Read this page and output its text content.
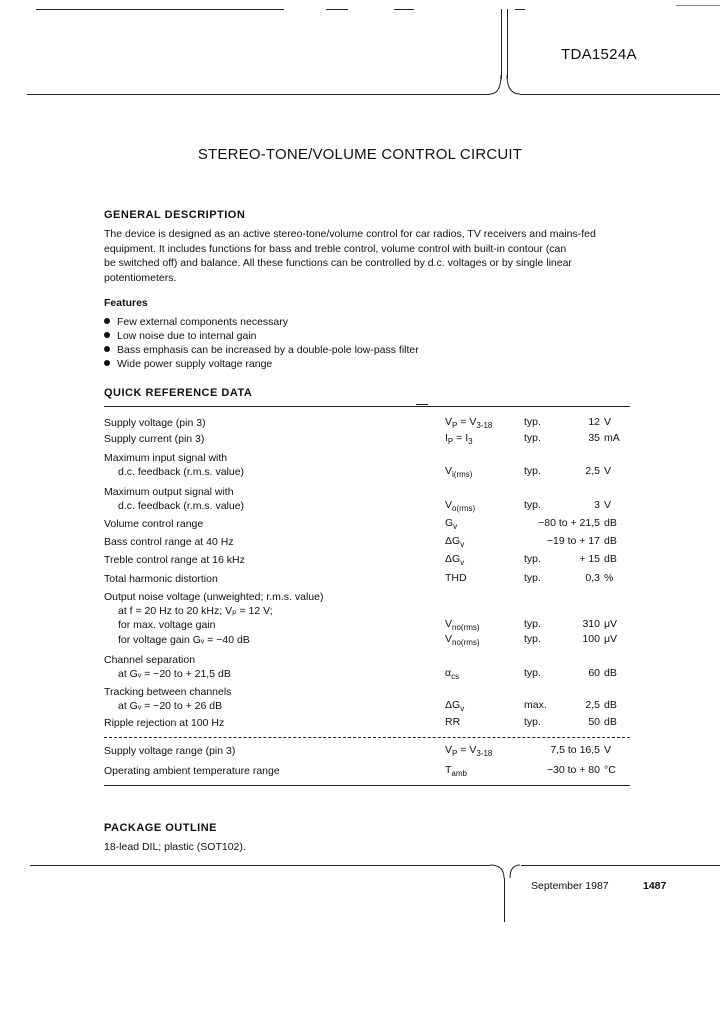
TDA1524A
STEREO-TONE/VOLUME CONTROL CIRCUIT
GENERAL DESCRIPTION
The device is designed as an active stereo-tone/volume control for car radios, TV receivers and mains-fed
equipment. It includes functions for bass and treble control, volume control with built-in contour (can
be switched off) and balance. All these functions can be controlled by d.c. voltages or by single linear
potentiometers.
Features
Few external components necessary
Low noise due to internal gain
Bass emphasis can be increased by a double-pole low-pass filter
Wide power supply voltage range
QUICK REFERENCE DATA
Supply voltage (pin 3)	$V_P = V_{3-18}$	typ.	12 V
Supply current (pin 3)	$I_P = I_3$	typ.	35 mA
Maximum input signal with
d.c. feedback (r.m.s. value)	$V_{i(rms)}$	typ.	2,5 V
Maximum output signal with
d.c. feedback (r.m.s. value)	$V_{o(rms)}$	typ.	3 V
Volume control range	$G_v$	−80 to + 21,5 dB
Bass control range at 40 Hz	$\Delta G_v$	−19 to + 17 dB
Treble control range at 16 kHz	$\Delta G_v$	typ.	+ 15 dB
Total harmonic distortion	THD	typ.	0,3 %
Output noise voltage (unweighted; r.m.s. value)
at f = 20 Hz to 20 kHz; Vₚ = 12 V;
for max. voltage gain	$V_{no(rms)}$	typ.	310 μV
for voltage gain Gᵥ = −40 dB	$V_{no(rms)}$	typ.	100 μV
Channel separation
at Gᵥ = −20 to + 21,5 dB	$\alpha_{cs}$	typ.	60 dB
Tracking between channels
at Gᵥ = −20 to + 26 dB	$\Delta G_v$	max.	2,5 dB
Ripple rejection at 100 Hz	RR	typ.	50 dB
Supply voltage range (pin 3)	$V_P = V_{3-18}$	7,5 to 16,5 V
Operating ambient temperature range	$T_{amb}$	−30 to + 80 °C
PACKAGE OUTLINE
18-lead DIL; plastic (SOT102).
September 1987	1487
